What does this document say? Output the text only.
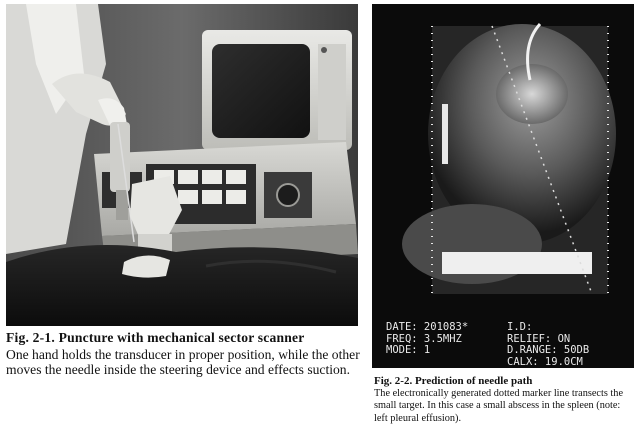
DATE: 201083*
FREQ: 3.5MHZ
MODE: 1
I.D:
RELIEF: ON
D.RANGE: 50DB
CALX: 19.0CM
Fig. 2-1. Puncture with mechanical sector scanner
One hand holds the transducer in proper position, while the other moves the needle inside the steering device and effects suction.
Fig. 2-2. Prediction of needle path
The electronically generated dotted marker line transects the small target. In this case a small abscess in the spleen (note: left pleural effusion).
